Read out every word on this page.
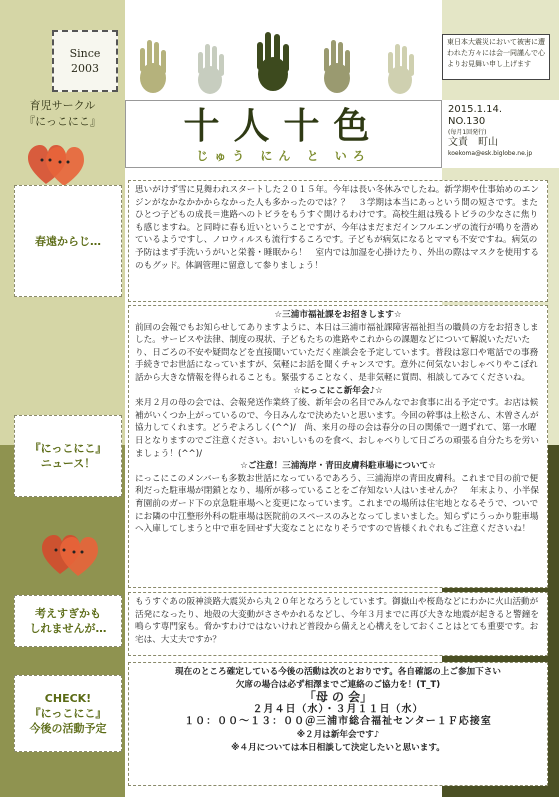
Since
2003
東日本大震災において被害に遭われた方々には会一同謹んで心よりお見舞い申し上げます
育児サークル
『にっこにこ』	十人十色
じゅう にん と いろ
2015.1.14.
NO.130
(毎月1回発行)
文責　町山
koekoma@esk.biglobe.ne.jp
春遠からじ…

思いがけず雪に見舞われスタートした２０１５年。今年は長い冬休みでしたね。新学期や仕事始めのエンジンがなかなかかからなかった人も多かったのでは？？　３学期は本当にあっという間の短さです。またひとつ子どもの成長＝進路へのトビラをもうすぐ開けるわけです。高校生組は残るトビラの少なさに焦りも感じますね。と同時に春も近いということですが、今年はまだまだインフルエンザの流行が鳴りを潜めているようですし、ノロウィルスも流行するころです。子どもが病気になるとママも不安ですね。病気の予防はまず手洗いうがいと栄養・睡眠から！　室内では加湿を心掛けたり、外出の際はマスクを使用するのもグッド。体調管理に留意して参りましょう！

『にっこにこ』
ニュース！

☆三浦市福祉課をお招きします☆

前回の会報でもお知らせしてありますように、本日は三浦市福祉課障害福祉担当の職員の方をお招きしました。サービスや法律、制度の現状、子どもたちの進路やこれからの課題などについて解説いただいたり、日ごろの不安や疑問などを直接聞いていただく座談会を予定しています。普段は窓口や電話での事務手続きでお世話になっていますが、気軽にお話を聞くチャンスです。意外に何気ないおしゃべりやこぼれ話から大きな情報を得られることも。緊張することなく、是非気軽に質問、相談してみてくださいね。

☆にっこにこ新年会♪☆

来月２月の母の会では、会報発送作業終了後、新年会の名目でみんなでお食事に出る予定です。お店は候補がいくつか上がっているので、今日みんなで決めたいと思います。今回の幹事は上松さん、木曽さんが協力してくれます。どうぞよろしく(^^)/　尚、来月の母の会は春分の日の関係で一週ずれて、第一水曜日となりますのでご注意ください。おいしいものを食べ、おしゃべりして日ごろの頑張る自分たちを労いましょう！(^^)/

☆ご注意！三浦海岸・青田皮膚科駐車場について☆

にっこにこのメンバーも多数お世話になっているであろう、三浦海岸の青田皮膚科。これまで目の前で便利だった駐車場が閉鎖となり、場所が移っていることをご存知ない人はいませんか？　年末より、小半保育園前のガード下の京急駐車場へと変更になっています。これまでの場所は住宅地となるそうで、ついでにお隣の中江整形外科の駐車場は医院前のスペースのみとなってしまいました。知らずにうっかり駐車場へ入庫してしまうと中で車を回せず大変なことになりそうですので皆様くれぐれもご注意くださいね！

考えすぎかも
しれませんが…

もうすぐあの阪神淡路大震災から丸２０年となろうとしています。御嶽山や桜島などにわかに火山活動が活発になったり、地殻の大変動がささやかれるなどし、今年３月までに再び大きな地震が起きると警鐘を鳴らす専門家も。脅かすわけではないけれど普段から備えと心構えをしておくことはとても重要です。お宅は、大丈夫ですか？

CHECK!
『にっこにこ』
今後の活動予定

現在のところ確定している今後の活動は次のとおりです。各自確認の上ご参加下さい

欠席の場合は必ず相澤までご連絡のご協力を！(T_T)

「母 の 会」

２月４日（水）・３月１１日（水）

１０：００～１３：００＠三浦市総合福祉センター１Ｆ応接室

※２月は新年会です♪

※４月については本日相談して決定したいと思います。
